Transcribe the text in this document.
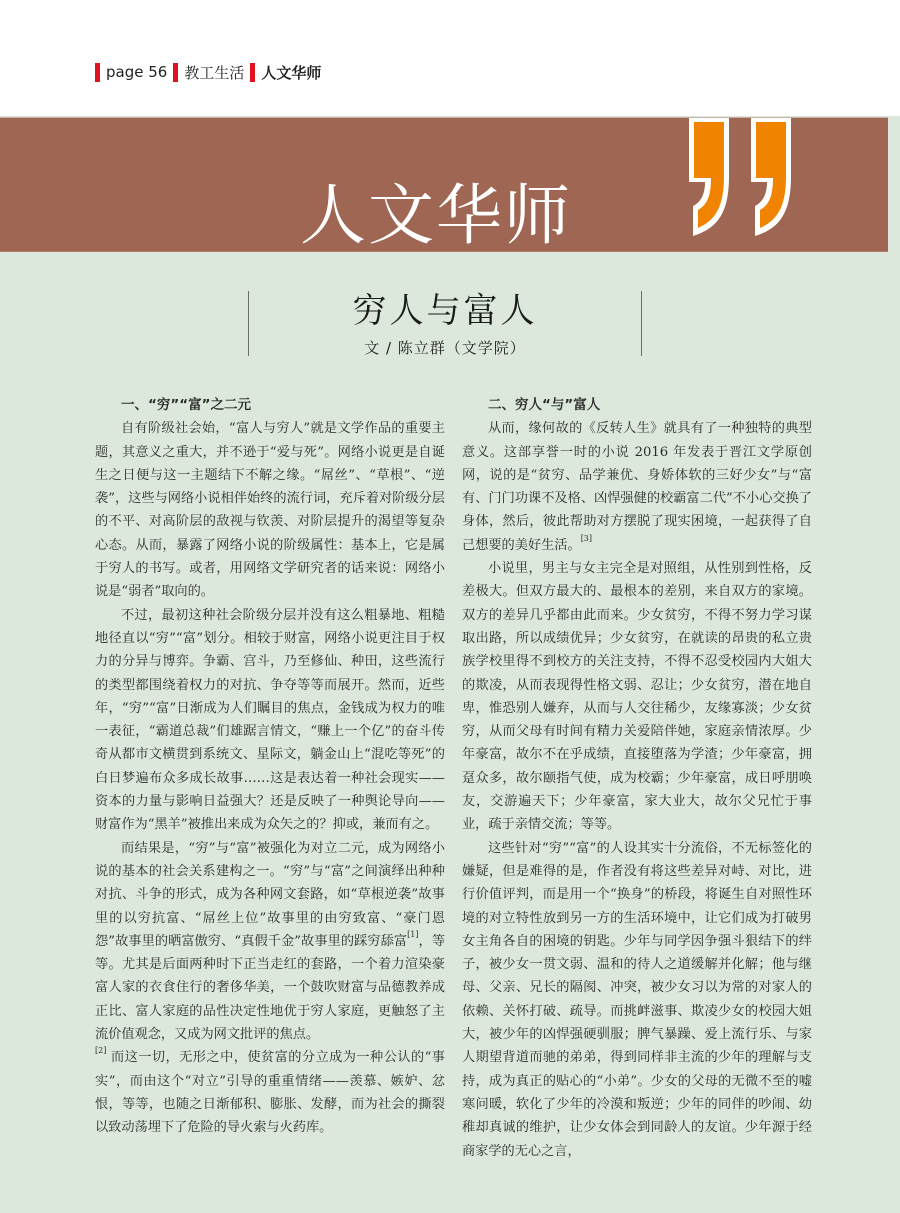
page 56 教工生活 人文华师
人文华师
穷人与富人
文 / 陈立群（文学院）

一、“穷”“富”之二元

自有阶级社会始，“富人与穷人”就是文学作品的重要主题，其意义之重大，并不逊于“爱与死”。网络小说更是自诞生之日便与这一主题结下不解之缘。“屌丝”、“草根”、“逆袭”，这些与网络小说相伴始终的流行词，充斥着对阶级分层的不平、对高阶层的敌视与钦羡、对阶层提升的渴望等复杂心态。从而，暴露了网络小说的阶级属性：基本上，它是属于穷人的书写。或者，用网络文学研究者的话来说：网络小说是“弱者”取向的。

不过，最初这种社会阶级分层并没有这么粗暴地、粗糙地径直以“穷”“富”划分。相较于财富，网络小说更注目于权力的分异与博弈。争霸、宫斗，乃至修仙、种田，这些流行的类型都围绕着权力的对抗、争夺等等而展开。然而，近些年，“穷”“富”日渐成为人们瞩目的焦点，金钱成为权力的唯一表征，“霸道总裁”们雄踞言情文，“赚上一个亿”的奋斗传奇从都市文横贯到系统文、星际文，躺金山上“混吃等死”的白日梦遍布众多成长故事……这是表达着一种社会现实——资本的力量与影响日益强大？还是反映了一种舆论导向——财富作为“黑羊”被推出来成为众矢之的？抑或，兼而有之。

而结果是，“穷”与“富”被强化为对立二元，成为网络小说的基本的社会关系建构之一。“穷”与“富”之间演绎出种种对抗、斗争的形式，成为各种网文套路，如“草根逆袭”故事里的以穷抗富、“屌丝上位”故事里的由穷致富、“豪门恩怨”故事里的晒富傲穷、“真假千金”故事里的踩穷舔富[1]，等等。尤其是后面两种时下正当走红的套路，一个着力渲染豪富人家的衣食住行的奢侈华美，一个鼓吹财富与品德教养成正比、富人家庭的品性决定性地优于穷人家庭，更触怒了主流价值观念，又成为网文批评的焦点。

[2] 而这一切，无形之中，使贫富的分立成为一种公认的“事实”，而由这个“对立”引导的重重情绪——羡慕、嫉妒、忿恨，等等，也随之日渐郁积、膨胀、发酵，而为社会的撕裂以致动荡埋下了危险的导火索与火药库。

二、穷人“与”富人

从而，缘何故的《反转人生》就具有了一种独特的典型意义。这部享誉一时的小说 2016 年发表于晋江文学原创网，说的是“贫穷、品学兼优、身娇体软的三好少女”与“富有、门门功课不及格、凶悍强健的校霸富二代”不小心交换了身体，然后，彼此帮助对方摆脱了现实困境，一起获得了自己想要的美好生活。[3]

小说里，男主与女主完全是对照组，从性别到性格，反差极大。但双方最大的、最根本的差别，来自双方的家境。双方的差异几乎都由此而来。少女贫穷，不得不努力学习谋取出路，所以成绩优异；少女贫穷，在就读的昂贵的私立贵族学校里得不到校方的关注支持，不得不忍受校园内大姐大的欺凌，从而表现得性格文弱、忍让；少女贫穷，潜在地自卑，惟恐别人嫌弃，从而与人交往稀少，友缘寡淡；少女贫穷，从而父母有时间有精力关爱陪伴她，家庭亲情浓厚。少年豪富，故尔不在乎成绩，直接堕落为学渣；少年豪富，拥趸众多，故尔颐指气使，成为校霸；少年豪富，成日呼朋唤友，交游遍天下；少年豪富，家大业大，故尔父兄忙于事业，疏于亲情交流；等等。

这些针对“穷”“富”的人设其实十分流俗，不无标签化的嫌疑，但是难得的是，作者没有将这些差异对峙、对比，进行价值评判，而是用一个“换身”的桥段，将诞生自对照性环境的对立特性放到另一方的生活环境中，让它们成为打破男女主角各自的困境的钥匙。少年与同学因争强斗狠结下的绊子，被少女一贯文弱、温和的待人之道缓解并化解；他与继母、父亲、兄长的隔阂、冲突，被少女习以为常的对家人的依赖、关怀打破、疏导。而挑衅滋事、欺凌少女的校园大姐大，被少年的凶悍强硬驯服；脾气暴躁、爱上流行乐、与家人期望背道而驰的弟弟，得到同样非主流的少年的理解与支持，成为真正的贴心的“小弟”。少女的父母的无微不至的嘘寒问暖，软化了少年的冷漠和叛逆；少年的同伴的吵闹、幼稚却真诚的维护，让少女体会到同龄人的友谊。少年源于经商家学的无心之言，
